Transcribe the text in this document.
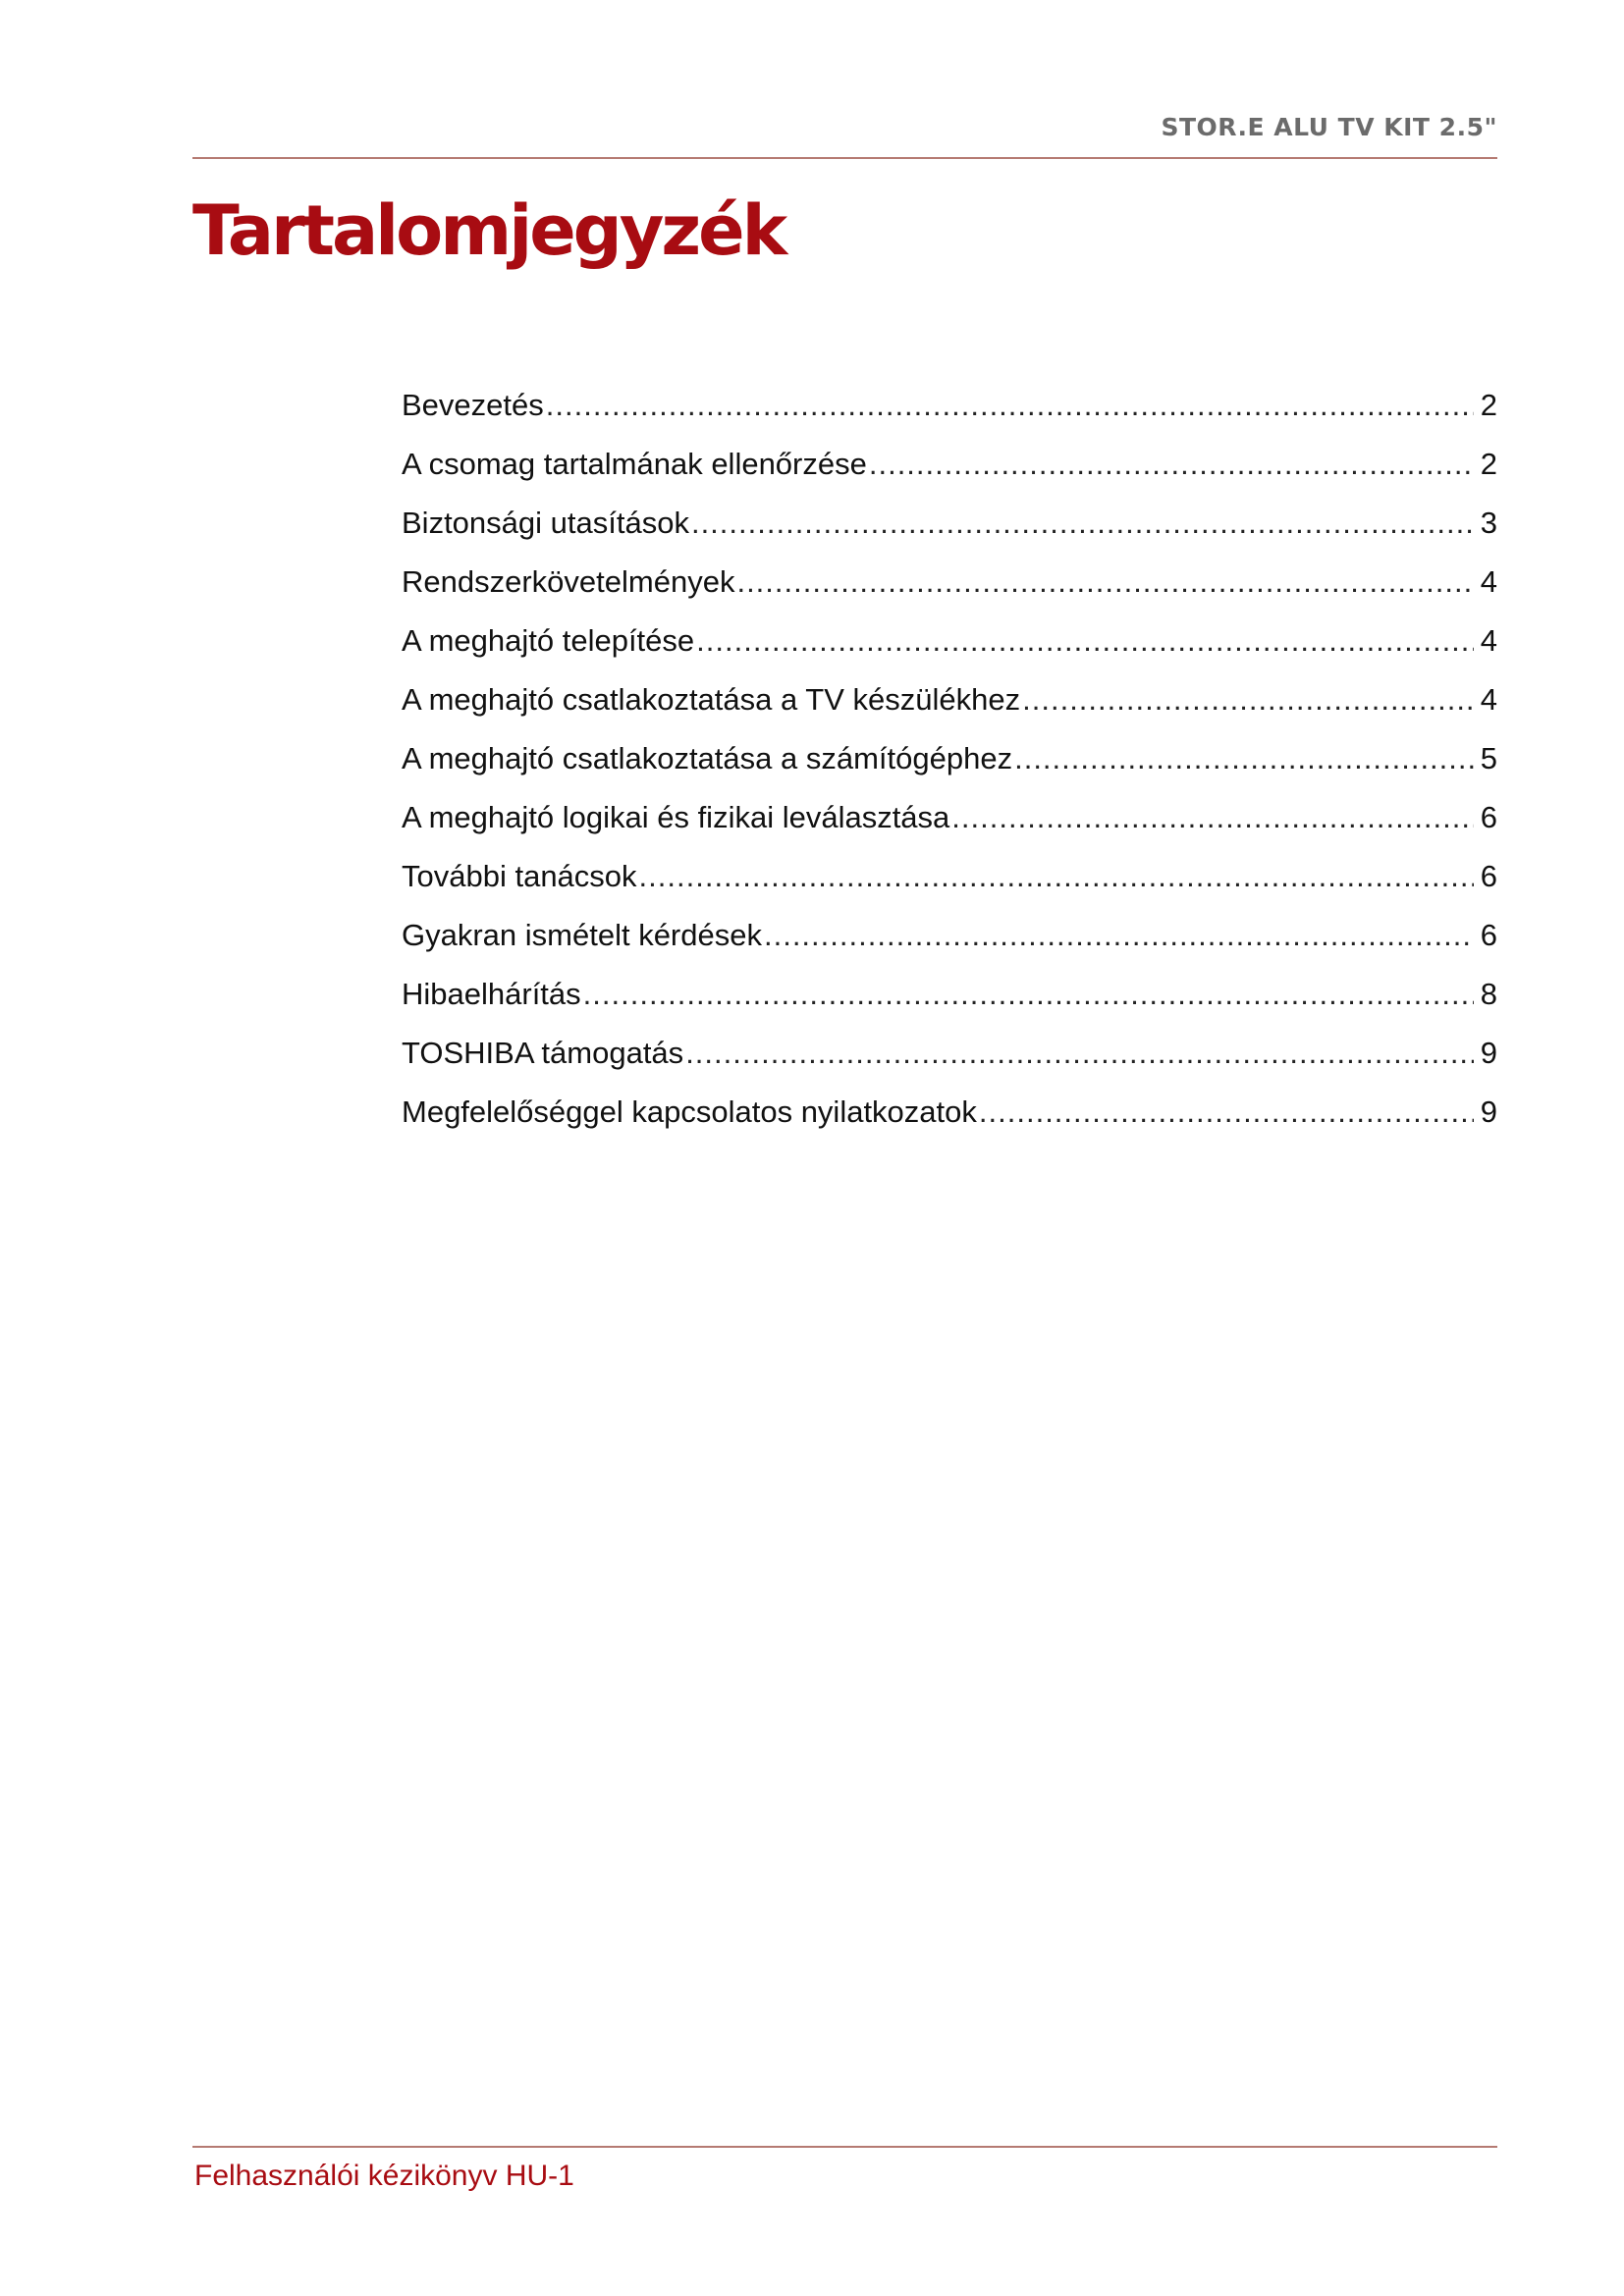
STOR.E ALU TV KIT 2.5"
Tartalomjegyzék
Bevezetés .....	2
A csomag tartalmának ellenőrzése .....	2
Biztonsági utasítások .....	3
Rendszerkövetelmények .....	4
A meghajtó telepítése .....	4
A meghajtó csatlakoztatása a TV készülékhez .....	4
A meghajtó csatlakoztatása a számítógéphez .....	5
A meghajtó logikai és fizikai leválasztása .....	6
További tanácsok .....	6
Gyakran ismételt kérdések .....	6
Hibaelhárítás .....	8
TOSHIBA támogatás .....	9
Megfelelőséggel kapcsolatos nyilatkozatok .....	9
Felhasználói kézikönyv HU-1
